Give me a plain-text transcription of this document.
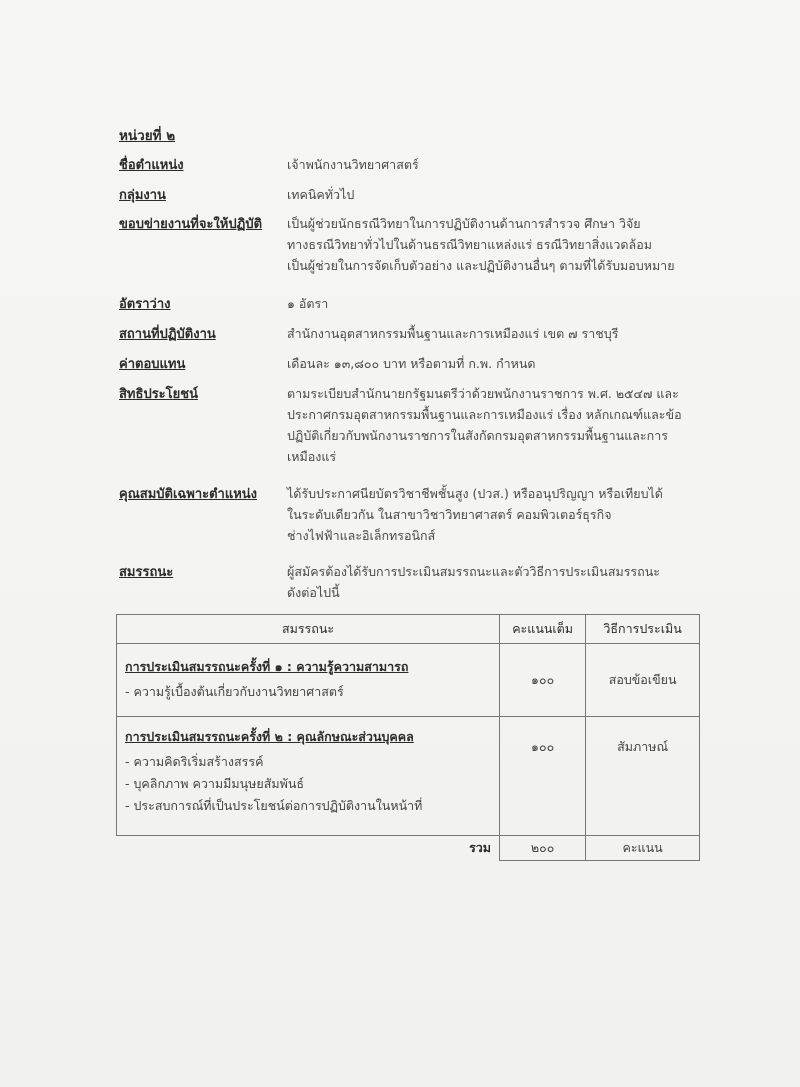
หน่วยที่ ๒
ชื่อตำแหน่ง	เจ้าพนักงานวิทยาศาสตร์
กลุ่มงาน	เทคนิคทั่วไป
ขอบข่ายงานที่จะให้ปฏิบัติ	เป็นผู้ช่วยนักธรณีวิทยาในการปฏิบัติงานด้านการสำรวจ ศึกษา วิจัย
ทางธรณีวิทยาทั่วไปในด้านธรณีวิทยาแหล่งแร่ ธรณีวิทยาสิ่งแวดล้อม
เป็นผู้ช่วยในการจัดเก็บตัวอย่าง และปฏิบัติงานอื่นๆ ตามที่ได้รับมอบหมาย
อัตราว่าง	๑ อัตรา
สถานที่ปฏิบัติงาน	สำนักงานอุตสาหกรรมพื้นฐานและการเหมืองแร่ เขต ๗ ราชบุรี
ค่าตอบแทน	เดือนละ ๑๓,๘๐๐ บาท หรือตามที่ ก.พ. กำหนด
สิทธิประโยชน์	ตามระเบียบสำนักนายกรัฐมนตรีว่าด้วยพนักงานราชการ พ.ศ. ๒๕๔๗ และ
ประกาศกรมอุตสาหกรรมพื้นฐานและการเหมืองแร่ เรื่อง หลักเกณฑ์และข้อ
ปฏิบัติเกี่ยวกับพนักงานราชการในสังกัดกรมอุตสาหกรรมพื้นฐานและการ
เหมืองแร่
คุณสมบัติเฉพาะตำแหน่ง	ได้รับประกาศนียบัตรวิชาชีพชั้นสูง (ปวส.) หรืออนุปริญญา หรือเทียบได้
ในระดับเดียวกัน ในสาขาวิชาวิทยาศาสตร์ คอมพิวเตอร์ธุรกิจ
ช่างไฟฟ้าและอิเล็กทรอนิกส์
สมรรถนะ	ผู้สมัครต้องได้รับการประเมินสมรรถนะและตัววิธีการประเมินสมรรถนะ
ดังต่อไปนี้
สมรรถนะ	คะแนนเต็ม	วิธีการประเมิน

การประเมินสมรรถนะครั้งที่ ๑ : ความรู้ความสามารถ
- ความรู้เบื้องต้นเกี่ยวกับงานวิทยาศาสตร์	๑๐๐	สอบข้อเขียน

การประเมินสมรรถนะครั้งที่ ๒ : คุณลักษณะส่วนบุคคล
- ความคิดริเริ่มสร้างสรรค์
- บุคลิกภาพ ความมีมนุษยสัมพันธ์
- ประสบการณ์ที่เป็นประโยชน์ต่อการปฏิบัติงานในหน้าที่	๑๐๐	สัมภาษณ์
รวม	๒๐๐	คะแนน
